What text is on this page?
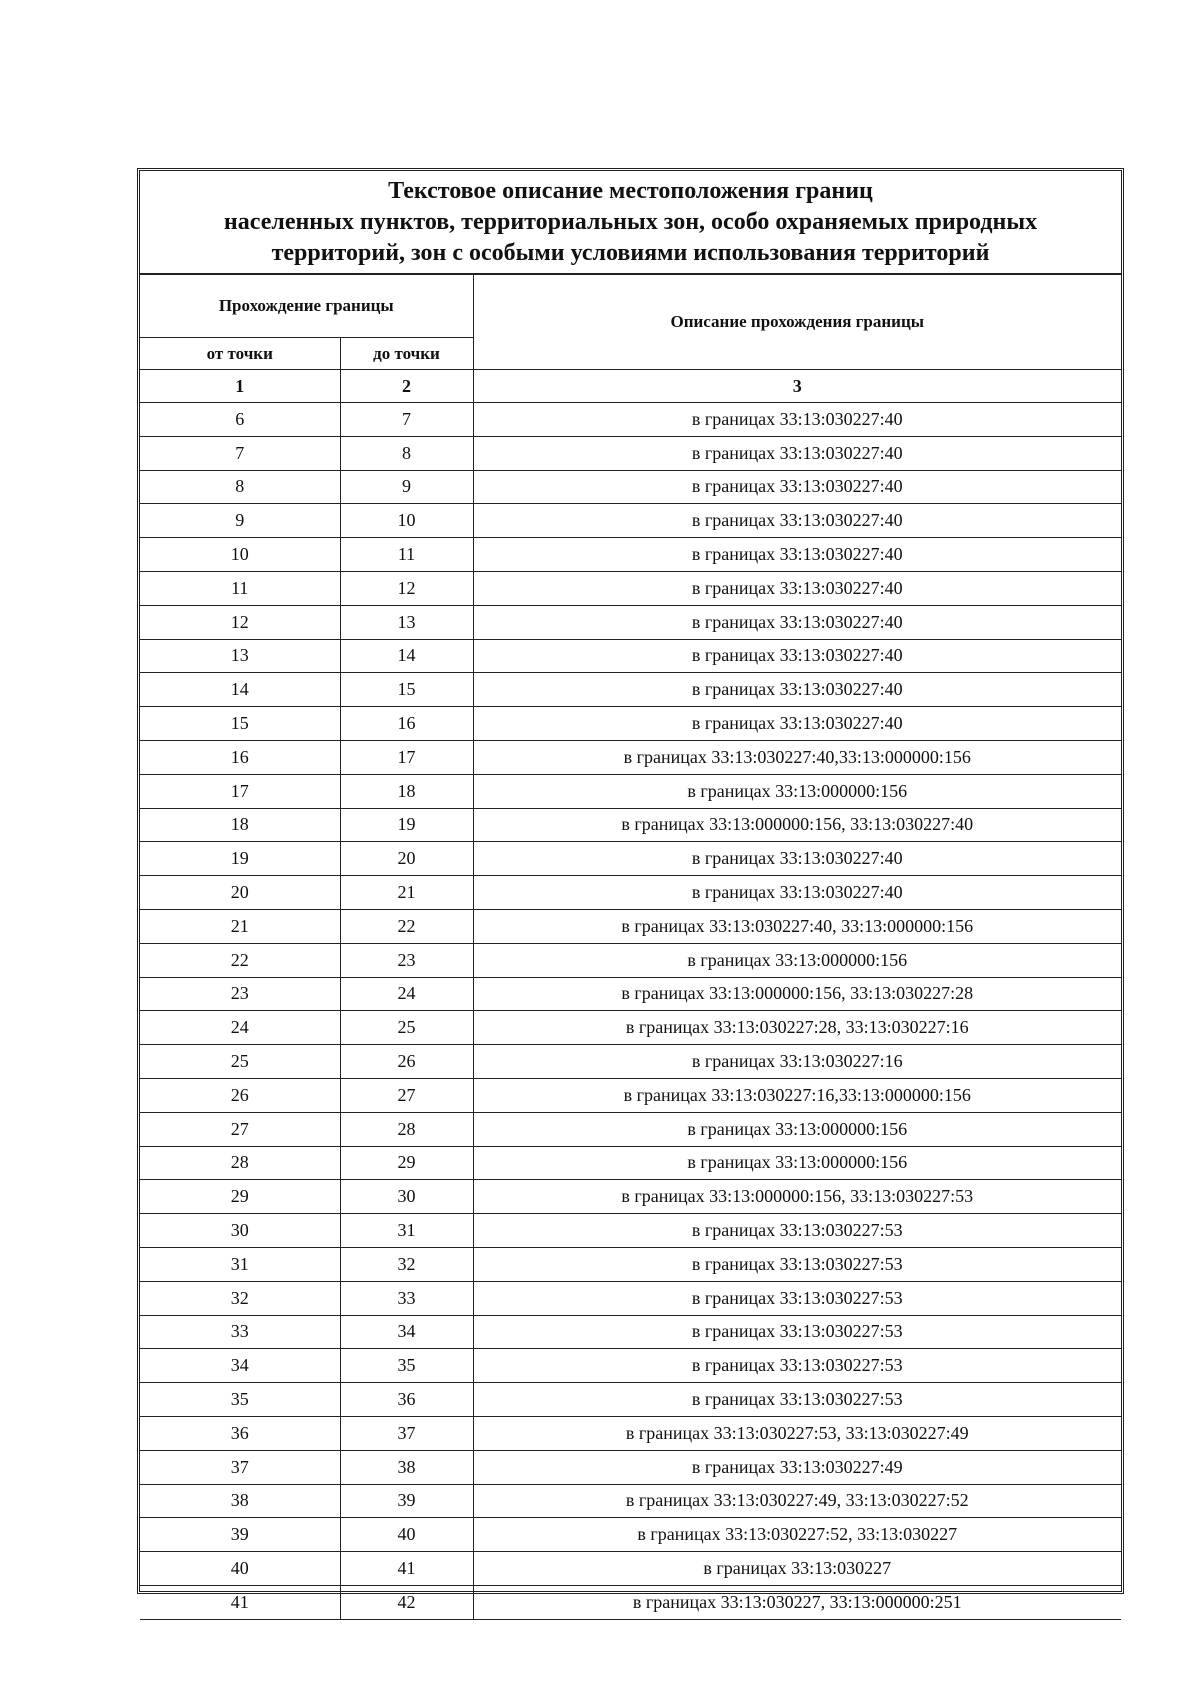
Текстовое описание местоположения границ
населенных пунктов, территориальных зон, особо охраняемых природных
территорий, зон с особыми условиями использования территорий
Прохождение границы		Описание прохождения границы
от точки	до точки	
1	2	3
6	7	в границах 33:13:030227:40
7	8	в границах 33:13:030227:40
8	9	в границах 33:13:030227:40
9	10	в границах 33:13:030227:40
10	11	в границах 33:13:030227:40
11	12	в границах 33:13:030227:40
12	13	в границах 33:13:030227:40
13	14	в границах 33:13:030227:40
14	15	в границах 33:13:030227:40
15	16	в границах 33:13:030227:40
16	17	в границах 33:13:030227:40,33:13:000000:156
17	18	в границах 33:13:000000:156
18	19	в границах 33:13:000000:156, 33:13:030227:40
19	20	в границах 33:13:030227:40
20	21	в границах 33:13:030227:40
21	22	в границах 33:13:030227:40, 33:13:000000:156
22	23	в границах 33:13:000000:156
23	24	в границах 33:13:000000:156, 33:13:030227:28
24	25	в границах 33:13:030227:28, 33:13:030227:16
25	26	в границах 33:13:030227:16
26	27	в границах 33:13:030227:16,33:13:000000:156
27	28	в границах 33:13:000000:156
28	29	в границах 33:13:000000:156
29	30	в границах 33:13:000000:156, 33:13:030227:53
30	31	в границах 33:13:030227:53
31	32	в границах 33:13:030227:53
32	33	в границах 33:13:030227:53
33	34	в границах 33:13:030227:53
34	35	в границах 33:13:030227:53
35	36	в границах 33:13:030227:53
36	37	в границах 33:13:030227:53, 33:13:030227:49
37	38	в границах 33:13:030227:49
38	39	в границах 33:13:030227:49, 33:13:030227:52
39	40	в границах 33:13:030227:52, 33:13:030227
40	41	в границах 33:13:030227
41	42	в границах 33:13:030227, 33:13:000000:251
